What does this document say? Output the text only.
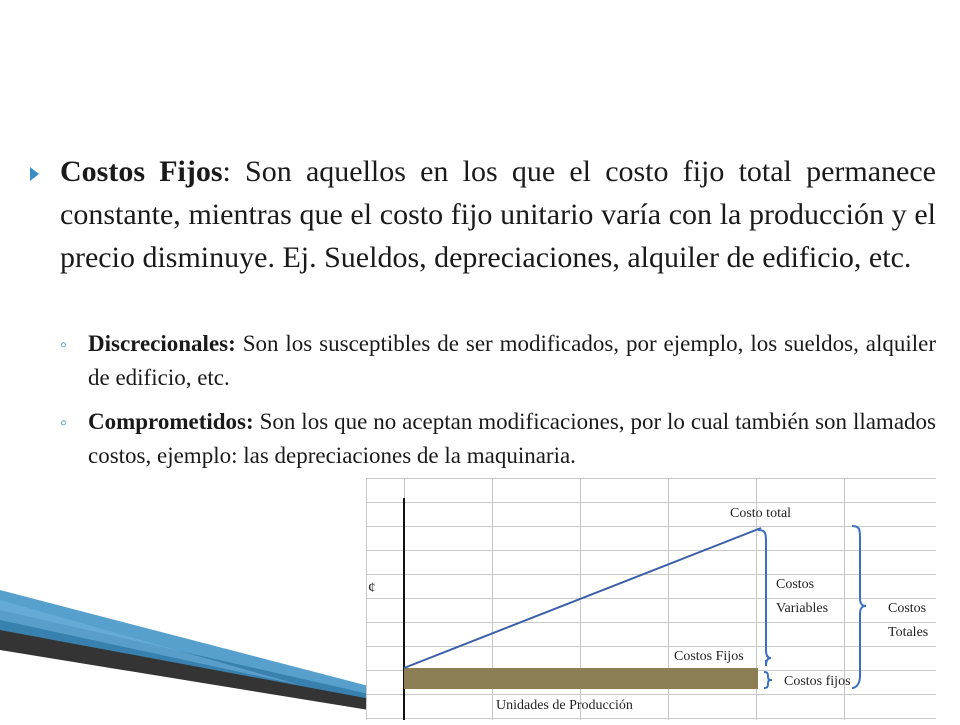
Costos Fijos: Son aquellos en los que el costo fijo total permanece constante, mientras que el costo fijo unitario varía con la producción y el precio disminuye. Ej. Sueldos, depreciaciones, alquiler de edificio, etc.

◦ Discrecionales: Son los susceptibles de ser modificados, por ejemplo, los sueldos, alquiler de edificio, etc.

◦ Comprometidos: Son los que no aceptan modificaciones, por lo cual también son llamados costos, ejemplo: las depreciaciones de la maquinaria.

¢
Costo total
Costos
Variables	Costos
Totales
Costos Fijos
Costos fijos
Unidades de Producción
